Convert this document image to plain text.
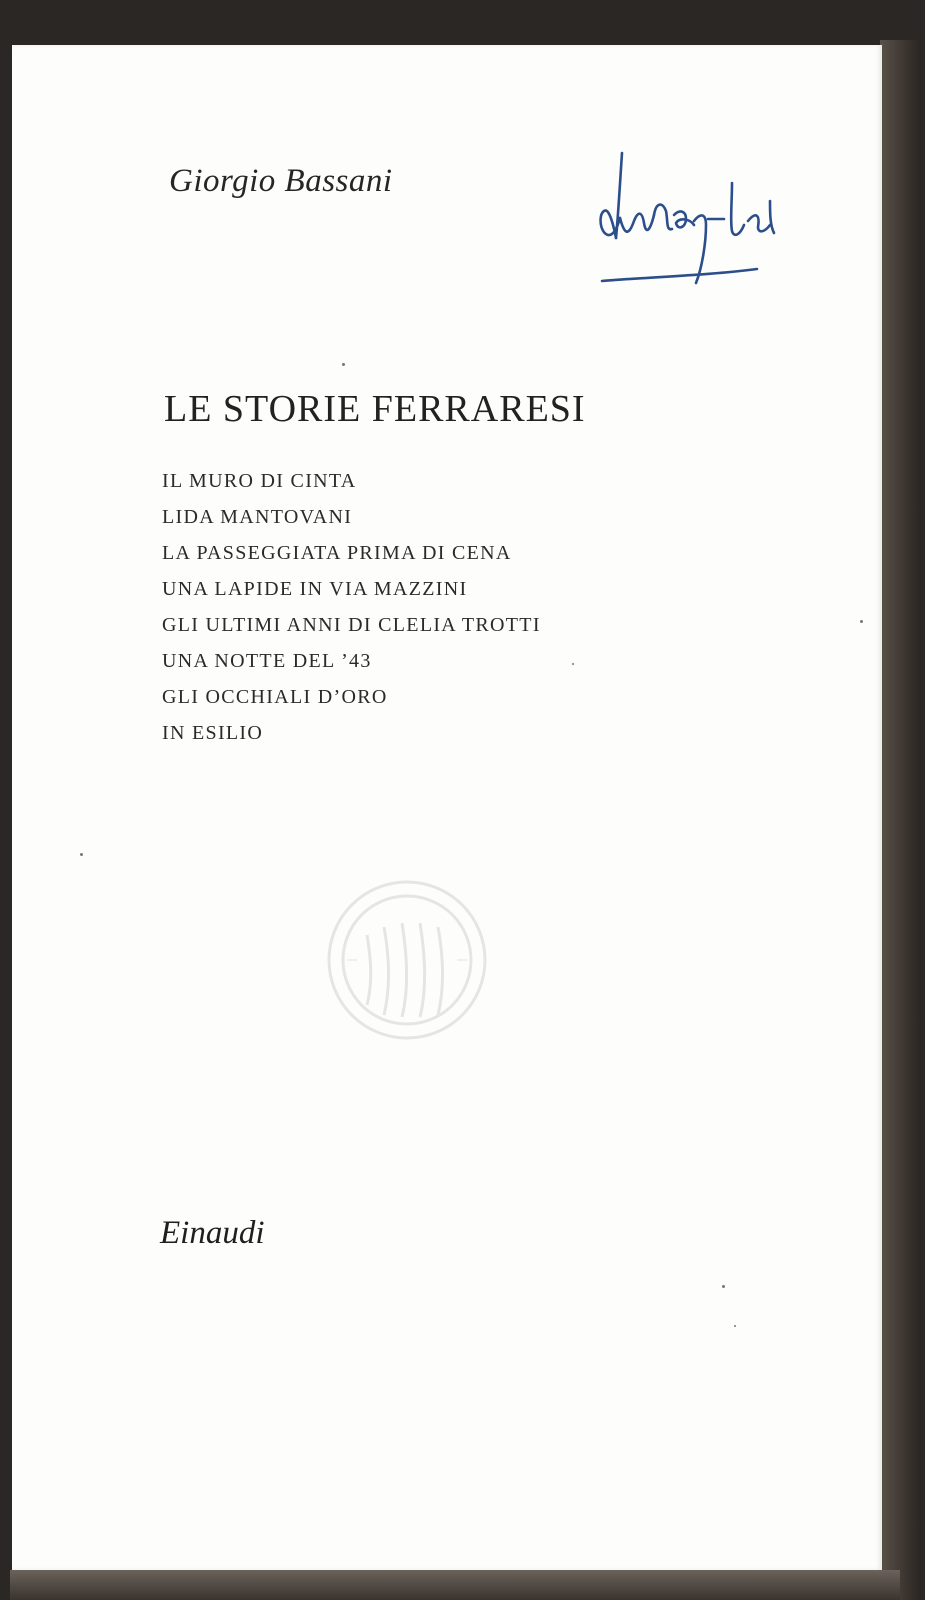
Giorgio Bassani
LE STORIE FERRARESI
IL MURO DI CINTA
LIDA MANTOVANI
LA PASSEGGIATA PRIMA DI CENA
UNA LAPIDE IN VIA MAZZINI
GLI ULTIMI ANNI DI CLELIA TROTTI
UNA NOTTE DEL ’43
GLI OCCHIALI D’ORO
IN ESILIO
Einaudi
